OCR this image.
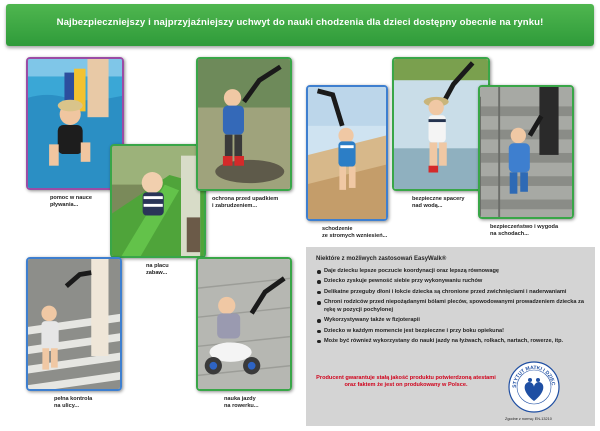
Najbezpieczniejszy i najprzyjaźniejszy uchwyt do nauki chodzenia dla dzieci dostępny obecnie na rynku!
pomoc w nauce
pływania...
na placu
zabaw...
ochrona przed upadkiem
i zabrudzeniem...
schodzenie
ze stromych wzniesień...
bezpieczne spacery
nad wodą...
bezpieczeństwo i wygoda
na schodach...
pełna kontrola
na ulicy...
nauka jazdy
na rowerku...
Niektóre z możliwych zastosowań EasyWalk®
Daje dziecku lepsze poczucie koordynacji oraz lepszą równowagę
Dziecko zyskuje pewność siebie przy wykonywaniu ruchów
Delikatne przeguby dłoni i łokcie dziecka są chronione przed zwichnięciami i naderwaniami
Chroni rodziców przed niepożądanymi bólami pleców, spowodowanymi prowadzeniem dziecka za rękę w pozycji pochylonej
Wykorzystywany także w fizjoterapii
Dziecko w każdym momencie jest bezpieczne i przy boku opiekuna!
Może być również wykorzystany do nauki jazdy na łyżwach, rolkach, nartach, rowerze, itp.
Producent gwarantuje stałą jakość produktu potwierdzoną atestami oraz faktem że jest on produkowany w Polsce.	STYTUT MATKI I DZIEC
Zgodne z normą: EN-13210
